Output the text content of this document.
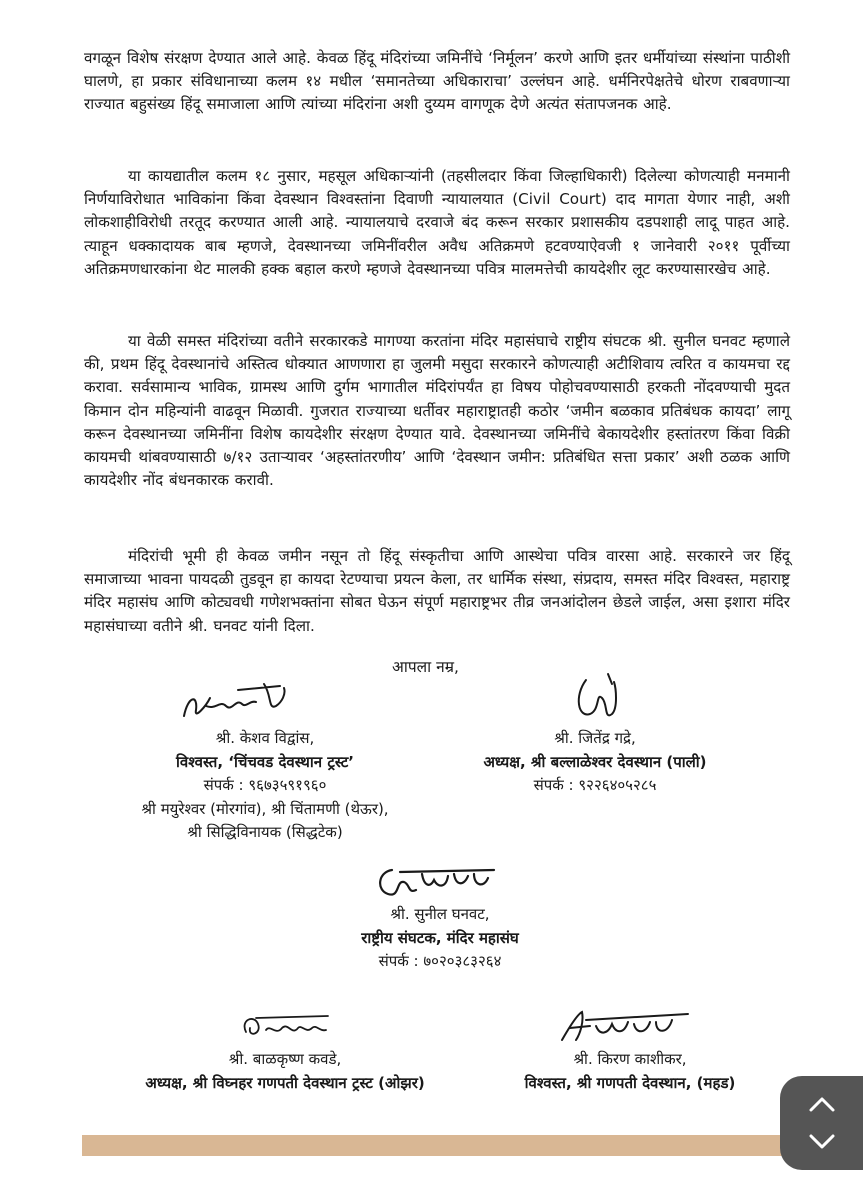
वगळून विशेष संरक्षण देण्यात आले आहे. केवळ हिंदू मंदिरांच्या जमिनींचे ‘निर्मूलन’ करणे आणि इतर धर्मीयांच्या संस्थांना पाठीशी घालणे, हा प्रकार संविधानाच्या कलम १४ मधील ‘समानतेच्या अधिकाराचा’ उल्लंघन आहे. धर्मनिरपेक्षतेचे धोरण राबवणाऱ्या राज्यात बहुसंख्य हिंदू समाजाला आणि त्यांच्या मंदिरांना अशी दुय्यम वागणूक देणे अत्यंत संतापजनक आहे.

या कायद्यातील कलम १८ नुसार, महसूल अधिकाऱ्यांनी (तहसीलदार किंवा जिल्हाधिकारी) दिलेल्या कोणत्याही मनमानी निर्णयाविरोधात भाविकांना किंवा देवस्थान विश्वस्तांना दिवाणी न्यायालयात (Civil Court) दाद मागता येणार नाही, अशी लोकशाहीविरोधी तरतूद करण्यात आली आहे. न्यायालयाचे दरवाजे बंद करून सरकार प्रशासकीय दडपशाही लादू पाहत आहे. त्याहून धक्कादायक बाब म्हणजे, देवस्थानच्या जमिनींवरील अवैध अतिक्रमणे हटवण्याऐवजी १ जानेवारी २०११ पूर्वीच्या अतिक्रमणधारकांना थेट मालकी हक्क बहाल करणे म्हणजे देवस्थानच्या पवित्र मालमत्तेची कायदेशीर लूट करण्यासारखेच आहे.

या वेळी समस्त मंदिरांच्या वतीने सरकारकडे मागण्या करतांना मंदिर महासंघाचे राष्ट्रीय संघटक श्री. सुनील घनवट म्हणाले की, प्रथम हिंदू देवस्थानांचे अस्तित्व धोक्यात आणणारा हा जुलमी मसुदा सरकारने कोणत्याही अटीशिवाय त्वरित व कायमचा रद्द करावा. सर्वसामान्य भाविक, ग्रामस्थ आणि दुर्गम भागातील मंदिरांपर्यंत हा विषय पोहोचवण्यासाठी हरकती नोंदवण्याची मुदत किमान दोन महिन्यांनी वाढवून मिळावी. गुजरात राज्याच्या धर्तीवर महाराष्ट्रातही कठोर ‘जमीन बळकाव प्रतिबंधक कायदा’ लागू करून देवस्थानच्या जमिनींना विशेष कायदेशीर संरक्षण देण्यात यावे. देवस्थानच्या जमिनींचे बेकायदेशीर हस्तांतरण किंवा विक्री कायमची थांबवण्यासाठी ७/१२ उताऱ्यावर ‘अहस्तांतरणीय’ आणि ‘देवस्थान जमीन: प्रतिबंधित सत्ता प्रकार’ अशी ठळक आणि कायदेशीर नोंद बंधनकारक करावी.

मंदिरांची भूमी ही केवळ जमीन नसून तो हिंदू संस्कृतीचा आणि आस्थेचा पवित्र वारसा आहे. सरकारने जर हिंदू समाजाच्या भावना पायदळी तुडवून हा कायदा रेटण्याचा प्रयत्न केला, तर धार्मिक संस्था, संप्रदाय, समस्त मंदिर विश्वस्त, महाराष्ट्र मंदिर महासंघ आणि कोट्यवधी गणेशभक्तांना सोबत घेऊन संपूर्ण महाराष्ट्रभर तीव्र जनआंदोलन छेडले जाईल, असा इशारा मंदिर महासंघाच्या वतीने श्री. घनवट यांनी दिला.

आपला नम्र,
श्री. केशव विद्वांस,
विश्वस्त, ‘चिंचवड देवस्थान ट्रस्ट’
संपर्क : ९६७३५९१९६०
श्री मयुरेश्वर (मोरगांव), श्री चिंतामणी (थेऊर),
श्री सिद्धिविनायक (सिद्धटेक)
श्री. जितेंद्र गद्रे,
अध्यक्ष, श्री बल्लाळेश्वर देवस्थान (पाली)
संपर्क : ९२२६४०५२८५
श्री. सुनील घनवट,
राष्ट्रीय संघटक, मंदिर महासंघ
संपर्क : ७०२०३८३२६४
श्री. बाळकृष्ण कवडे,
अध्यक्ष, श्री विघ्नहर गणपती देवस्थान ट्रस्ट (ओझर)
श्री. किरण काशीकर,
विश्वस्त, श्री गणपती देवस्थान, (महड)
